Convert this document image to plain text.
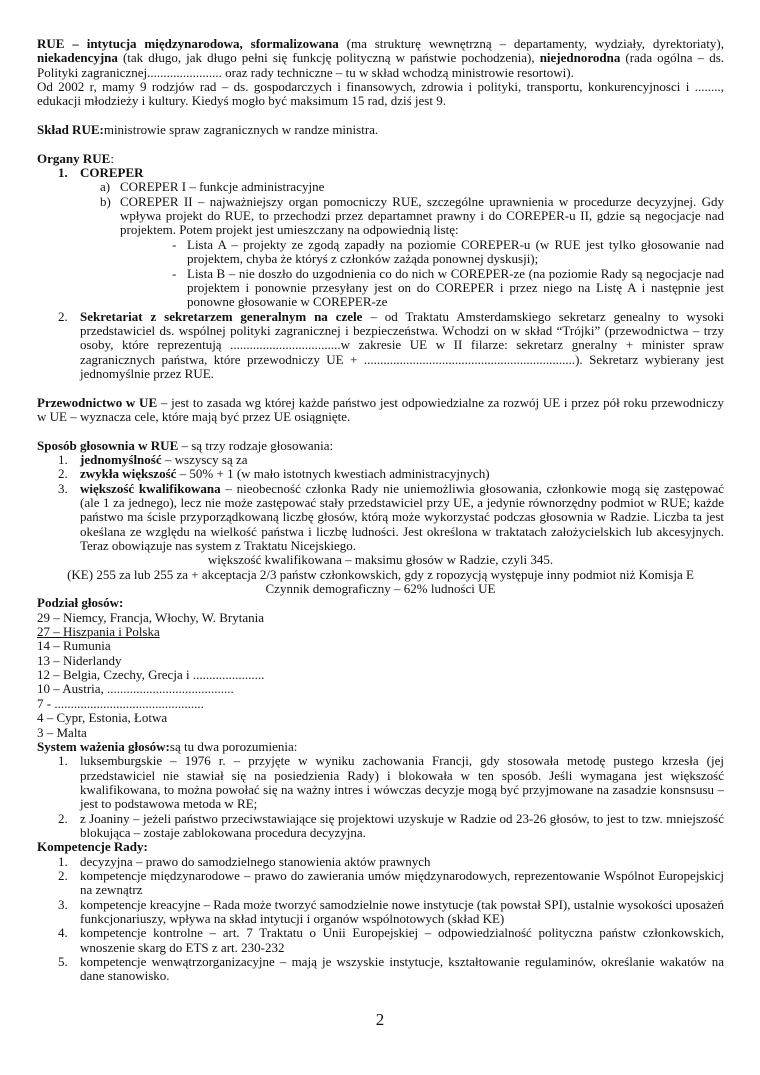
RUE – intytucja międzynarodowa, sformalizowana (ma strukturę wewnętrzną – departamenty, wydziały, dyrektoriaty), niekadencyjna (tak długo, jak długo pełni się funkcję polityczną w państwie pochodzenia), niejednorodna (rada ogólna – ds. Polityki zagranicznej....................... oraz rady techniczne – tu w skład wchodzą ministrowie resortowi).

Od 2002 r, mamy 9 rodzjów rad – ds. gospodarczych i finansowych, zdrowia i polityki, transportu, konkurencyjnosci i ........, edukacji młodzieży i kultury. Kiedyś mogło być maksimum 15 rad, dziś jest 9.

Skład RUE:ministrowie spraw zagranicznych w randze ministra.

Organy RUE:

1. COREPER
a) COREPER I – funkcje administracyjne
b) COREPER II – najważniejszy organ pomocniczy RUE, szczególne uprawnienia w procedurze decyzyjnej. Gdy wpływa projekt do RUE, to przechodzi przez departamnet prawny i do COREPER-u II, gdzie są negocjacje nad projektem. Potem projekt jest umieszczany na odpowiednią listę:
- Lista A – projekty ze zgodą zapadły na poziomie COREPER-u (w RUE jest tylko głosowanie nad projektem, chyba że któryś z członków zażąda ponownej dyskusji);
- Lista B – nie doszło do uzgodnienia co do nich w COREPER-ze (na poziomie Rady są negocjacje nad projektem i ponownie przesyłany jest on do COREPER i przez niego na Listę A i następnie jest ponowne głosowanie w COREPER-ze
2. Sekretariat z sekretarzem generalnym na czele – od Traktatu Amsterdamskiego sekretarz genealny to wysoki przedstawiciel ds. wspólnej polityki zagranicznej i bezpieczeństwa. Wchodzi on w skład “Trójki” (przewodnictwa – trzy osoby, które reprezentują ..................................w zakresie UE w II filarze: sekretarz gneralny + minister spraw zagranicznych państwa, które przewodniczy UE + .................................................................). Sekretarz wybierany jest jednomyślnie przez RUE.

Przewodnictwo w UE – jest to zasada wg której każde państwo jest odpowiedzialne za rozwój UE i przez pół roku przewodniczy w UE – wyznacza cele, które mają być przez UE osiągnięte.

Sposób głosownia w RUE – są trzy rodzaje głosowania:

1. jednomyślność – wszyscy są za
2. zwykła większość – 50% + 1 (w mało istotnych kwestiach administracyjnych)
3. większość kwalifikowana – nieobecność członka Rady nie uniemożliwia głosowania, członkowie mogą się zastępować (ale 1 za jednego), lecz nie może zastępować stały przedstawiciel przy UE, a jedynie równorzędny podmiot w RUE; każde państwo ma ścisle przyporządkowaną liczbę głosów, którą może wykorzystać podczas głosownia w Radzie. Liczba ta jest okeślana ze względu na wielkość państwa i liczbę ludności. Jest określona w traktatach założycielskich lub akcesyjnych. Teraz obowiązuje nas system z Traktatu Nicejskiego.

większość kwalifikowana – maksimu głosów w Radzie, czyli 345.

(KE) 255 za lub 255 za + akceptacja 2/3 państw członkowskich, gdy z ropozycją występuje inny podmiot niż Komisja E

Czynnik demograficzny – 62% ludności UE

Podział głosów:

29 – Niemcy, Francja, Włochy, W. Brytania

27 – Hiszpania i Polska

14 – Rumunia

13 – Niderlandy

12 – Belgia, Czechy, Grecja i ......................

10 – Austria, .......................................

7 - ..............................................

4 – Cypr, Estonia, Łotwa

3 – Malta

System ważenia głosów:są tu dwa porozumienia:

1. luksemburgskie – 1976 r. – przyjęte w wyniku zachowania Francji, gdy stosowała metodę pustego krzesła (jej przedstawiciel nie stawiał się na posiedzienia Rady) i blokowała w ten sposób. Jeśli wymagana jest większość kwalifikowana, to można powołać się na ważny intres i wówczas decyzje mogą być przyjmowane na zasadzie konsnsusu – jest to podstawowa metoda w RE;
2. z Joaniny – jeżeli państwo przeciwstawiające się projektowi uzyskuje w Radzie od 23-26 głosów, to jest to tzw. mniejszość blokująca – zostaje zablokowana procedura decyzyjna.

Kompetencje Rady:

1. decyzyjna – prawo do samodzielnego stanowienia aktów prawnych
2. kompetencje międzynarodowe – prawo do zawierania umów międzynarodowych, reprezentowanie Wspólnot Europejskicj na zewnątrz
3. kompetencje kreacyjne – Rada może tworzyć samodzielnie nowe instytucje (tak powstał SPI), ustalnie wysokości uposażeń funkcjonariuszy, wpływa na skład intytucji i organów wspólnotowych (skład KE)
4. kompetencje kontrolne – art. 7 Traktatu o Unii Europejskiej – odpowiedzialność polityczna państw członkowskich, wnoszenie skarg do ETS z art. 230-232
5. kompetencje wenwątrzorganizacyjne – mają je wszyskie instytucje, kształtowanie regulaminów, określanie wakatów na dane stanowisko.
2
